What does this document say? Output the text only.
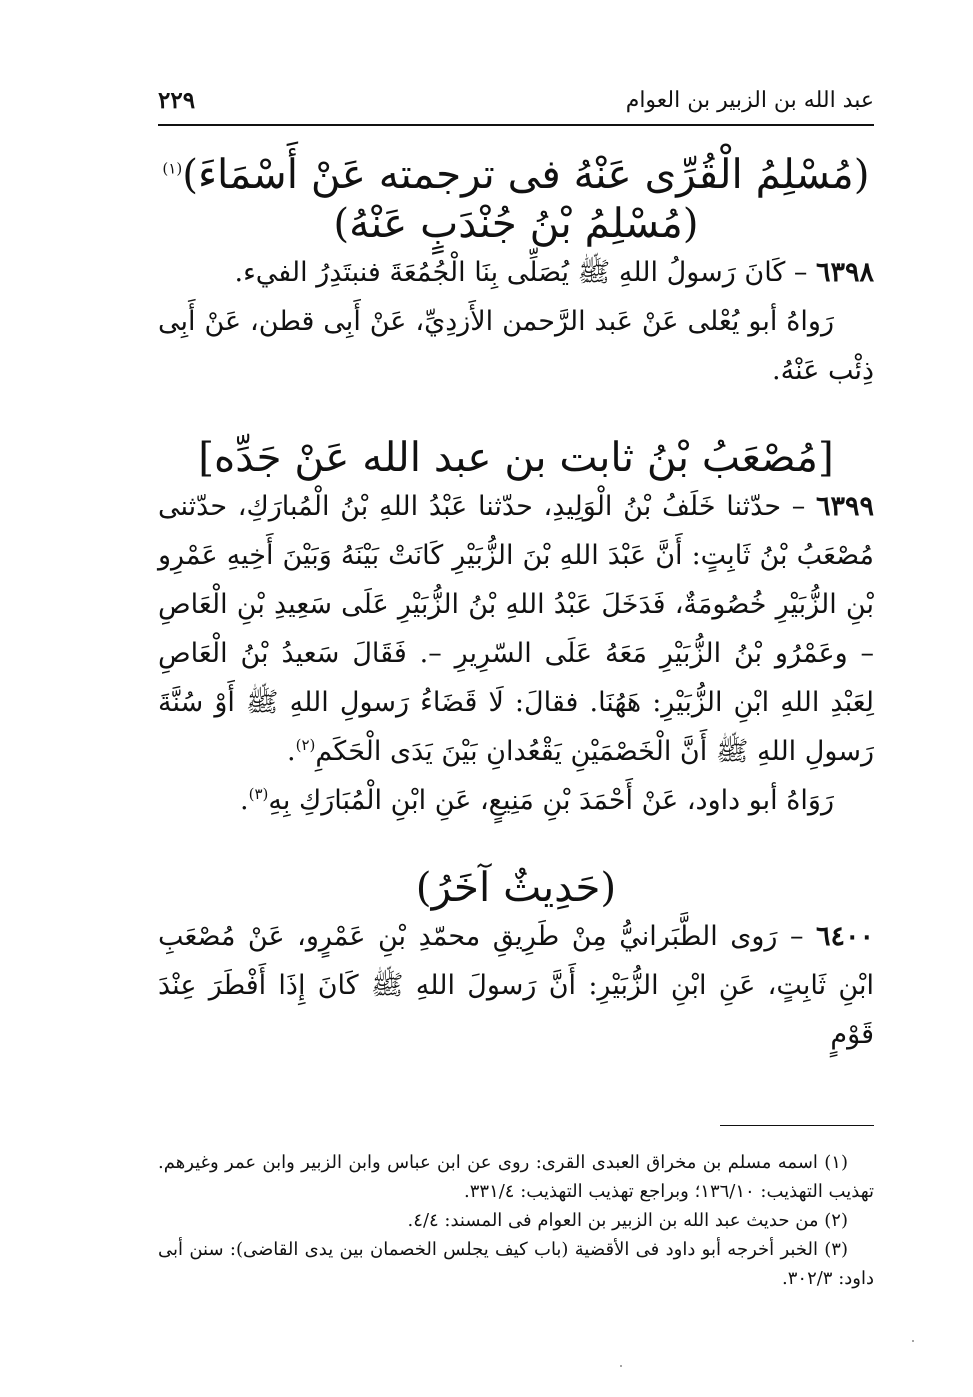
عبد الله بن الزبير بن العوام
٢٢٩
(مُسْلِمُ الْقُرِّى عَنْهُ فى ترجمته عَنْ أَسْمَاءَ)$^{(١)}$
(مُسْلِمُ بْنُ جُنْدَبٍ عَنْهُ)

٦٣٩٨ – كَانَ رَسولُ اللهِ ﷺ يُصَلِّى بِنَا الْجُمُعَةَ فنبتَدِرُ الفيء.

رَواهُ أبو يُعْلى عَنْ عَبد الرَّحمن الأَزدِيِّ، عَنْ أَبِى قطن، عَنْ أَبِى ذِئْب عَنْهُ.

[مُصْعَبُ بْنُ ثابت بن عبد الله عَنْ جَدِّه]

٦٣٩٩ – حدّثنا خَلَفُ بْنُ الْوَلِيدِ، حدّثنا عَبْدُ اللهِ بْنُ الْمُبارَكِ، حدّثنى مُصْعَبُ بْنُ ثَابِتٍ: أَنَّ عَبْدَ اللهِ بْنَ الزُّبَيْرِ كَانَتْ بَيْنَهُ وَبَيْنَ أَخِيهِ عَمْرِو بْنِ الزُّبَيْرِ خُصُومَةٌ، فَدَخَلَ عَبْدُ اللهِ بْنُ الزُّبَيْرِ عَلَى سَعِيدِ بْنِ الْعَاصِ – وعَمْرُو بْنُ الزُّبَيْرِ مَعَهُ عَلَى السّرِيرِ –. فَقَالَ سَعيدُ بْنُ الْعَاصِ لِعَبْدِ اللهِ ابْنِ الزُّبَيْرِ: هَهُنَا. فقالَ: لَا قَضَاءُ رَسولِ اللهِ ﷺ أَوْ سُنَّةَ رَسولِ اللهِ ﷺ أَنَّ الْخَصْمَيْنِ يَقْعُدانِ بَيْنَ يَدَى الْحَكَمِ$^{(٢)}$.

رَوَاهُ أبو داود، عَنْ أَحْمَدَ بْنِ مَنِيعٍ، عَنِ ابْنِ الْمُبَارَكِ بِهِ$^{(٣)}$.

(حَدِيثٌ آخَرُ)

٦٤٠٠ – رَوى الطَّبَرانيُّ مِنْ طَرِيقِ محمّدِ بْنِ عَمْرٍو، عَنْ مُصْعَبِ ابْنِ ثَابِتٍ، عَنِ ابْنِ الزُّبَيْرِ: أَنَّ رَسولَ اللهِ ﷺ كَانَ إِذَا أَفْطَرَ عِنْدَ قَوْمٍ

(١) اسمه مسلم بن مخراق العبدى القرى: روى عن ابن عباس وابن الزبير وابن عمر وغيرهم. تهذيب التهذيب: ١٣٦/١٠؛ وبراجع تهذيب التهذيب: ٣٣١/٤.

(٢) من حديث عبد الله بن الزبير بن العوام فى المسند: ٤/٤.

(٣) الخبر أخرجه أبو داود فى الأقضية (باب كيف يجلس الخصمان بين يدى القاضى): سنن أبى داود: ٣٠٢/٣.
